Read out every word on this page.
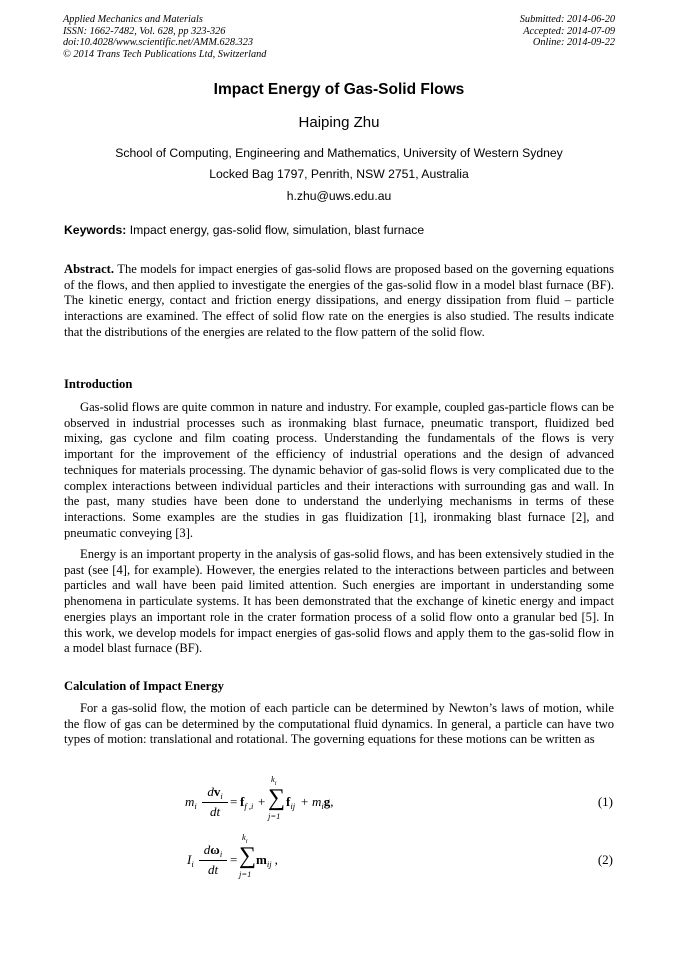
Applied Mechanics and Materials
ISSN: 1662-7482, Vol. 628, pp 323-326
doi:10.4028/www.scientific.net/AMM.628.323
© 2014 Trans Tech Publications Ltd, Switzerland
Submitted: 2014-06-20
Accepted: 2014-07-09
Online: 2014-09-22
Impact Energy of Gas-Solid Flows
Haiping Zhu
School of Computing, Engineering and Mathematics, University of Western Sydney
Locked Bag 1797, Penrith, NSW 2751, Australia
h.zhu@uws.edu.au
Keywords: Impact energy, gas-solid flow, simulation, blast furnace
Abstract. The models for impact energies of gas-solid flows are proposed based on the governing equations of the flows, and then applied to investigate the energies of the gas-solid flow in a model blast furnace (BF). The kinetic energy, contact and friction energy dissipations, and energy dissipation from fluid – particle interactions are examined. The effect of solid flow rate on the energies is also studied. The results indicate that the distributions of the energies are related to the flow pattern of the solid flow.
Introduction
Gas-solid flows are quite common in nature and industry. For example, coupled gas-particle flows can be observed in industrial processes such as ironmaking blast furnace, pneumatic transport, fluidized bed mixing, gas cyclone and film coating process. Understanding the fundamentals of the flows is very important for the improvement of the efficiency of industrial operations and the design of advanced techniques for materials processing. The dynamic behavior of gas-solid flows is very complicated due to the complex interactions between individual particles and their interactions with surrounding gas and wall. In the past, many studies have been done to understand the underlying mechanisms in terms of these interactions. Some examples are the studies in gas fluidization [1], ironmaking blast furnace [2], and pneumatic conveying [3].
Energy is an important property in the analysis of gas-solid flows, and has been extensively studied in the past (see [4], for example). However, the energies related to the interactions between particles and between particles and wall have been paid limited attention. Such energies are important in understanding some phenomena in particulate systems. It has been demonstrated that the exchange of kinetic energy and impact energies plays an important role in the crater formation process of a solid flow onto a granular bed [5]. In this work, we develop models for impact energies of gas-solid flows and apply them to the gas-solid flow in a model blast furnace (BF).
Calculation of Impact Energy
For a gas-solid flow, the motion of each particle can be determined by Newton’s laws of motion, while the flow of gas can be determined by the computational fluid dynamics. In general, a particle can have two types of motion: translational and rotational. The governing equations for these motions can be written as
$m_i$
$dv_i$
dt
= $f_{f ,i}$ +
$k_i$
∑
j=1
$f_{ij} + m_ig$,	(1)
$I_i$
$d\omega_i$
dt
=
$k_i$
∑
j=1
$m_{ij}$ ,	(2)
